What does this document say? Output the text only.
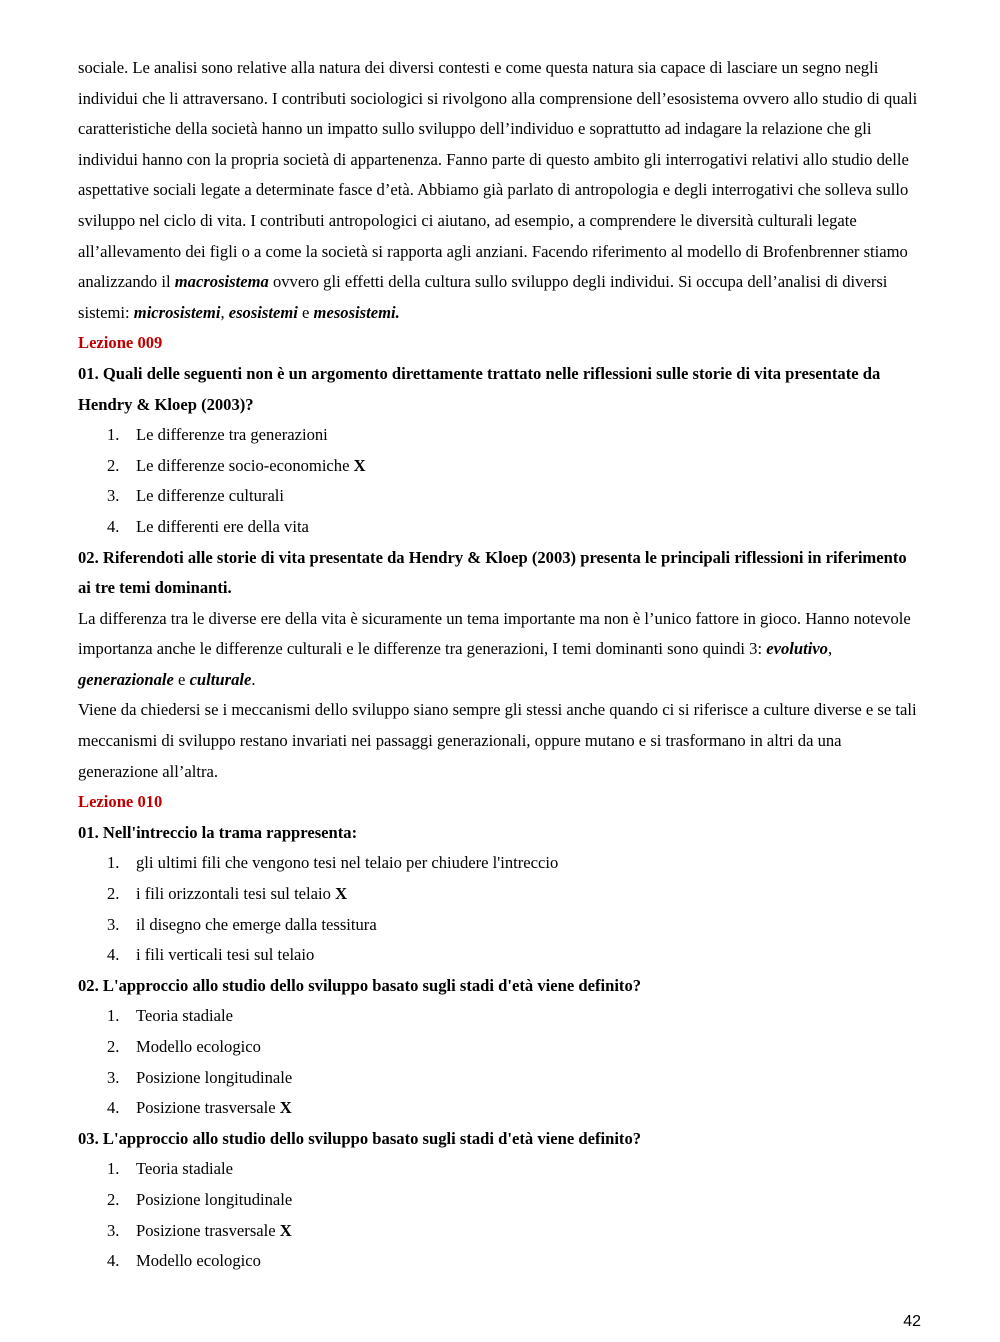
sociale. Le analisi sono relative alla natura dei diversi contesti e come questa natura sia capace di lasciare un segno negli individui che li attraversano. I contributi sociologici si rivolgono alla comprensione dell’esosistema ovvero allo studio di quali caratteristiche della società hanno un impatto sullo sviluppo dell’individuo e soprattutto ad indagare la relazione che gli individui hanno con la propria società di appartenenza. Fanno parte di questo ambito gli interrogativi relativi allo studio delle aspettative sociali legate a determinate fasce d’età. Abbiamo già parlato di antropologia e degli interrogativi che solleva sullo sviluppo nel ciclo di vita. I contributi antropologici ci aiutano, ad esempio, a comprendere le diversità culturali legate all’allevamento dei figli o a come la società si rapporta agli anziani. Facendo riferimento al modello di Brofenbrenner stiamo analizzando il macrosistema ovvero gli effetti della cultura sullo sviluppo degli individui. Si occupa dell’analisi di diversi sistemi: microsistemi, esosistemi e mesosistemi.

Lezione 009

01. Quali delle seguenti non è un argomento direttamente trattato nelle riflessioni sulle storie di vita presentate da Hendry & Kloep (2003)?

1. Le differenze tra generazioni
2. Le differenze socio-economiche X
3. Le differenze culturali
4. Le differenti ere della vita

02. Riferendoti alle storie di vita presentate da Hendry & Kloep (2003) presenta le principali riflessioni in riferimento ai tre temi dominanti.

La differenza tra le diverse ere della vita è sicuramente un tema importante ma non è l’unico fattore in gioco. Hanno notevole importanza anche le differenze culturali e le differenze tra generazioni, I temi dominanti sono quindi 3: evolutivo, generazionale e culturale.

Viene da chiedersi se i meccanismi dello sviluppo siano sempre gli stessi anche quando ci si riferisce a culture diverse e se tali meccanismi di sviluppo restano invariati nei passaggi generazionali, oppure mutano e si trasformano in altri da una generazione all’altra.

Lezione 010

01. Nell'intreccio la trama rappresenta:

1. gli ultimi fili che vengono tesi nel telaio per chiudere l'intreccio
2. i fili orizzontali tesi sul telaio X
3. il disegno che emerge dalla tessitura
4. i fili verticali tesi sul telaio

02. L'approccio allo studio dello sviluppo basato sugli stadi d'età viene definito?

1. Teoria stadiale
2. Modello ecologico
3. Posizione longitudinale
4. Posizione trasversale X

03. L'approccio allo studio dello sviluppo basato sugli stadi d'età viene definito?

1. Teoria stadiale
2. Posizione longitudinale
3. Posizione trasversale X
4. Modello ecologico
42
